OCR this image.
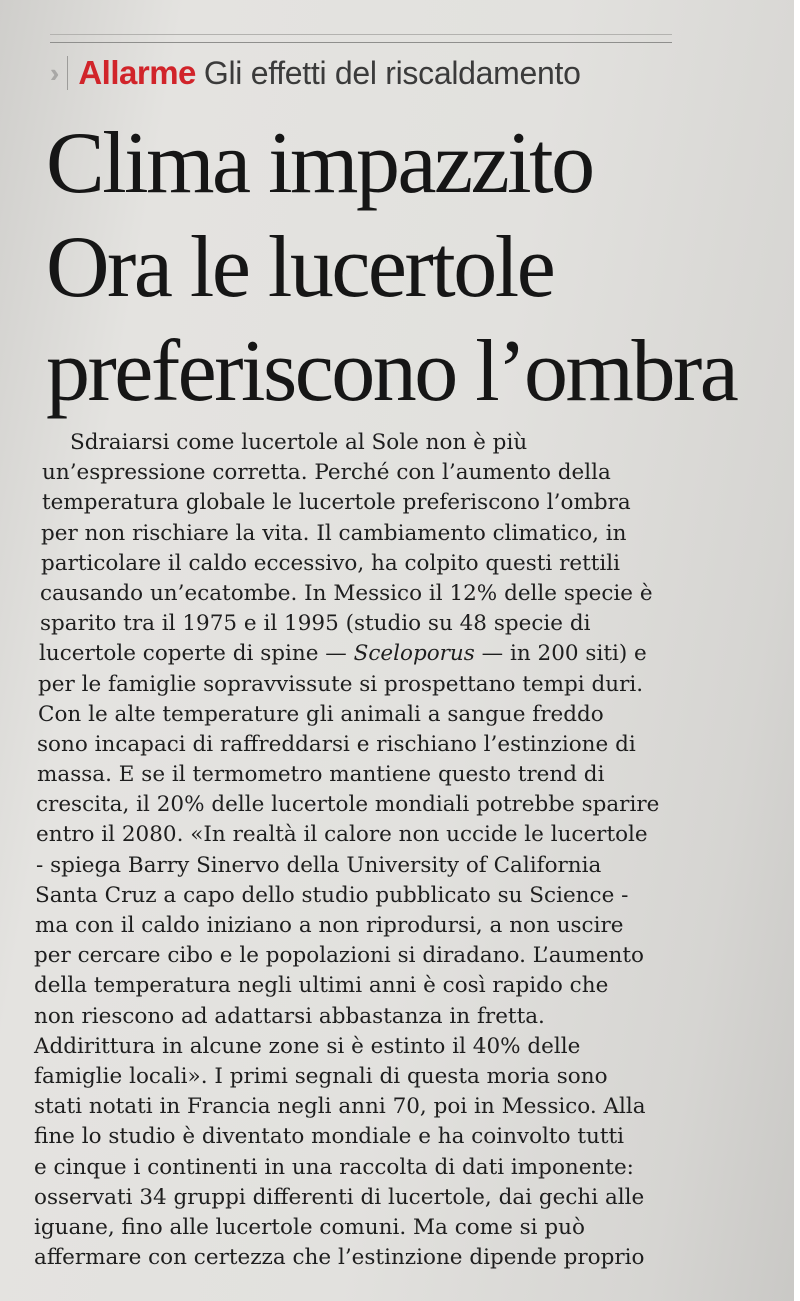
›› Allarme Gli effetti del riscaldamento
Clima impazzito
Ora le lucertole
preferiscono l’ombra
Sdraiarsi come lucertole al Sole non è più
un’espressione corretta. Perché con l’aumento della
temperatura globale le lucertole preferiscono l’ombra
per non rischiare la vita. Il cambiamento climatico, in
particolare il caldo eccessivo, ha colpito questi rettili
causando un’ecatombe. In Messico il 12% delle specie è
sparito tra il 1975 e il 1995 (studio su 48 specie di
lucertole coperte di spine — Sceloporus — in 200 siti) e
per le famiglie sopravvissute si prospettano tempi duri.
Con le alte temperature gli animali a sangue freddo
sono incapaci di raffreddarsi e rischiano l’estinzione di
massa. E se il termometro mantiene questo trend di
crescita, il 20% delle lucertole mondiali potrebbe sparire
entro il 2080. «In realtà il calore non uccide le lucertole
- spiega Barry Sinervo della University of California
Santa Cruz a capo dello studio pubblicato su Science -
ma con il caldo iniziano a non riprodursi, a non uscire
per cercare cibo e le popolazioni si diradano. L’aumento
della temperatura negli ultimi anni è così rapido che
non riescono ad adattarsi abbastanza in fretta.
Addirittura in alcune zone si è estinto il 40% delle
famiglie locali». I primi segnali di questa moria sono
stati notati in Francia negli anni 70, poi in Messico. Alla
fine lo studio è diventato mondiale e ha coinvolto tutti
e cinque i continenti in una raccolta di dati imponente:
osservati 34 gruppi differenti di lucertole, dai gechi alle
iguane, fino alle lucertole comuni. Ma come si può
affermare con certezza che l’estinzione dipende proprio
